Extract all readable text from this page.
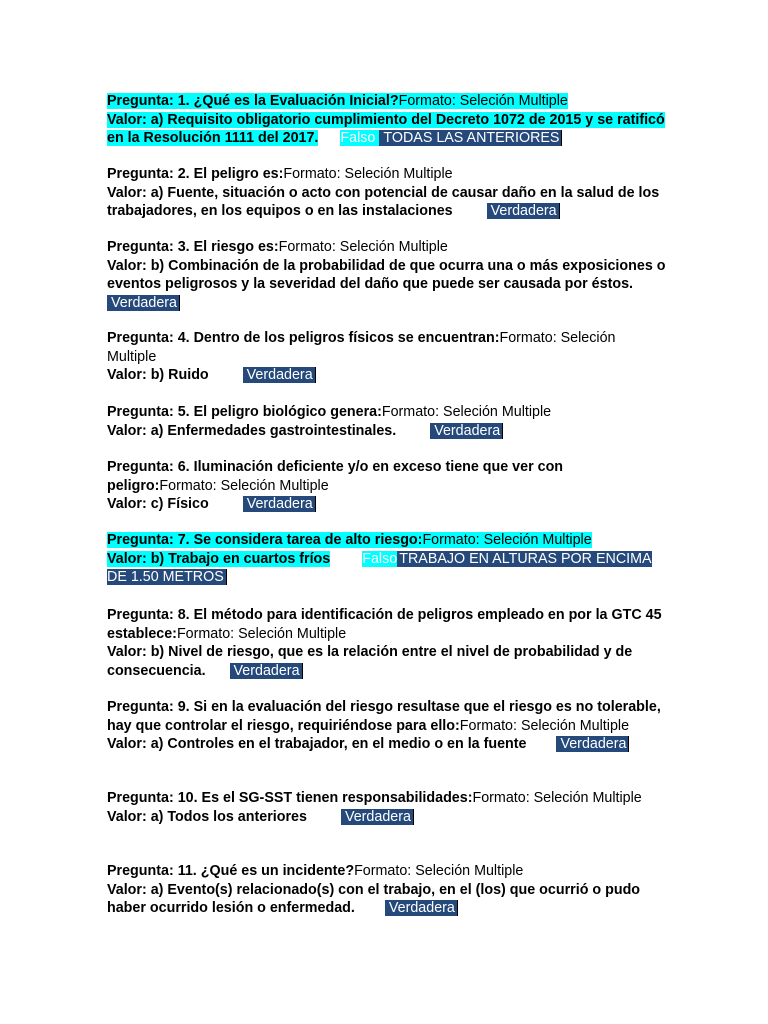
Pregunta: 1. ¿Qué es la Evaluación Inicial?Formato: Seleción Multiple
Valor: a) Requisito obligatorio cumplimiento del Decreto 1072 de 2015 y se ratificó en la Resolución 1111 del 2017. Falso TODAS LAS ANTERIORES
Pregunta: 2. El peligro es:Formato: Seleción Multiple
Valor: a) Fuente, situación o acto con potencial de causar daño en la salud de los trabajadores, en los equipos o en las instalaciones	Verdadera
Pregunta: 3. El riesgo es:Formato: Seleción Multiple
Valor: b) Combinación de la probabilidad de que ocurra una o más exposiciones o eventos peligrosos y la severidad del daño que puede ser causada por éstos.Verdadera
Pregunta: 4. Dentro de los peligros físicos se encuentran:Formato: Seleción Multiple
Valor: b) Ruido	Verdadera
Pregunta: 5. El peligro biológico genera:Formato: Seleción Multiple
Valor: a) Enfermedades gastrointestinales.	Verdadera
Pregunta: 6. Iluminación deficiente y/o en exceso tiene que ver con peligro:Formato: Seleción Multiple
Valor: c) Físico	Verdadera
Pregunta: 7. Se considera tarea de alto riesgo:Formato: Seleción Multiple
Valor: b) Trabajo en cuartos fríos Falso TRABAJO EN ALTURAS POR ENCIMA DE 1.50 METROS
Pregunta: 8. El método para identificación de peligros empleado en por la GTC 45 establece:Formato: Seleción Multiple
Valor: b) Nivel de riesgo, que es la relación entre el nivel de probabilidad y de consecuencia. Verdadera
Pregunta: 9. Si en la evaluación del riesgo resultase que el riesgo es no tolerable, hay que controlar el riesgo, requiriéndose para ello:Formato: Seleción Multiple
Valor: a) Controles en el trabajador, en el medio o en la fuente Verdadera
Pregunta: 10. Es el SG-SST tienen responsabilidades:Formato: Seleción Multiple
Valor: a) Todos los anteriores	Verdadera
Pregunta: 11. ¿Qué es un incidente?Formato: Seleción Multiple
Valor: a) Evento(s) relacionado(s) con el trabajo, en el (los) que ocurrió o pudo haber ocurrido lesión o enfermedad. Verdadera
